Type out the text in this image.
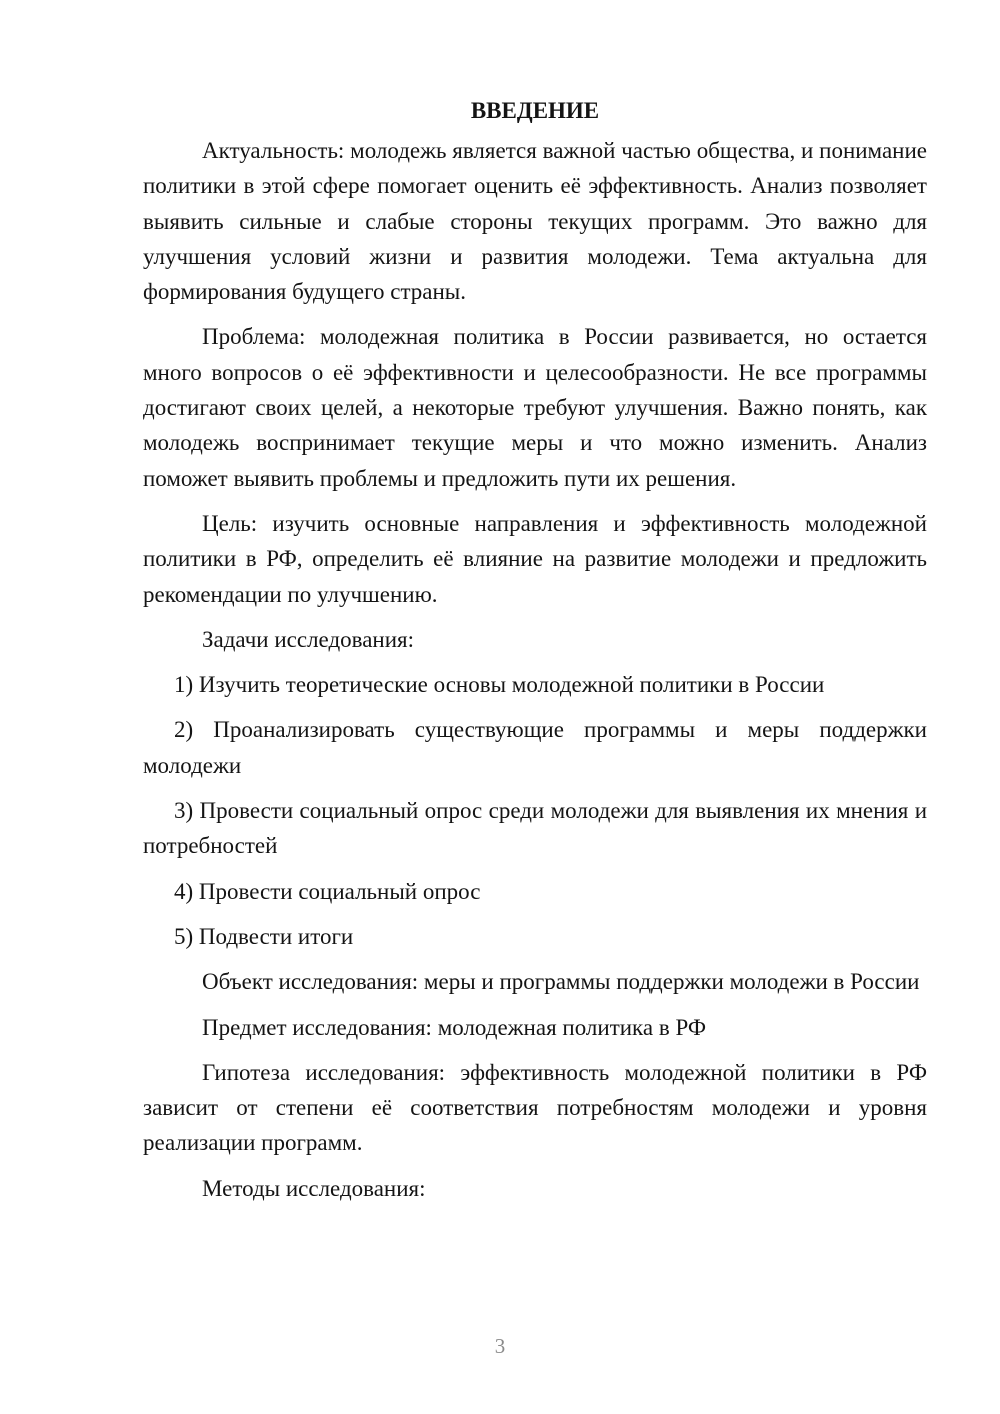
ВВЕДЕНИЕ

Актуальность: молодежь является важной частью общества, и понимание политики в этой сфере помогает оценить её эффективность. Анализ позволяет выявить сильные и слабые стороны текущих программ. Это важно для улучшения условий жизни и развития молодежи. Тема актуальна для формирования будущего страны.

Проблема: молодежная политика в России развивается, но остается много вопросов о её эффективности и целесообразности. Не все программы достигают своих целей, а некоторые требуют улучшения. Важно понять, как молодежь воспринимает текущие меры и что можно изменить. Анализ поможет выявить проблемы и предложить пути их решения.

Цель: изучить основные направления и эффективность молодежной политики в РФ, определить её влияние на развитие молодежи и предложить рекомендации по улучшению.

Задачи исследования:

1) Изучить теоретические основы молодежной политики в России

2) Проанализировать существующие программы и меры поддержки молодежи

3) Провести социальный опрос среди молодежи для выявления их мнения и потребностей

4) Провести социальный опрос

5) Подвести итоги

Объект исследования: меры и программы поддержки молодежи в России

Предмет исследования: молодежная политика в РФ

Гипотеза исследования: эффективность молодежной политики в РФ зависит от степени её соответствия потребностям молодежи и уровня реализации программ.

Методы исследования:

3
